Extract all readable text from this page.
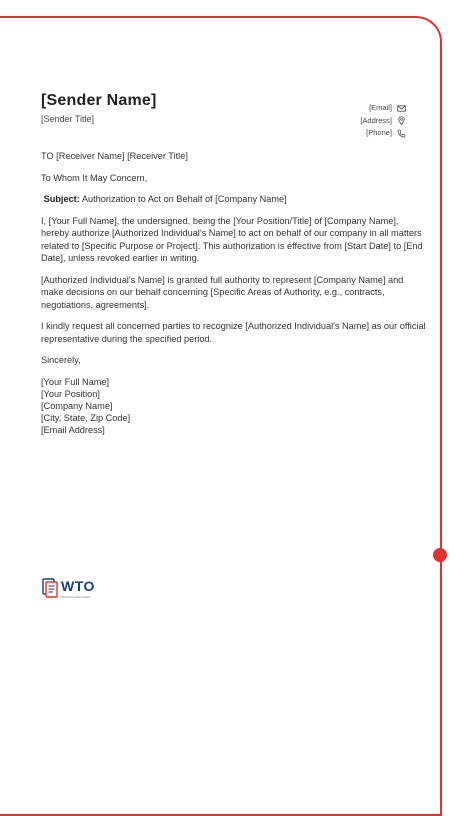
[Sender Name]
[Sender Title]
[Email]
[Address]
[Phone]

TO [Receiver Name] [Receiver Title]

To Whom It May Concern,

Subject: Authorization to Act on Behalf of [Company Name]

I, [Your Full Name], the undersigned, being the [Your Position/Title] of [Company Name], hereby authorize [Authorized Individual's Name] to act on behalf of our company in all matters related to [Specific Purpose or Project]. This authorization is effective from [Start Date] to [End Date], unless revoked earlier in writing.

[Authorized Individual's Name] is granted full authority to represent [Company Name] and make decisions on our behalf concerning [Specific Areas of Authority, e.g., contracts, negotiations, agreements].

I kindly request all concerned parties to recognize [Authorized Individual's Name] as our official representative during the specified period.

Sincerely,

[Your Full Name]
[Your Position]
[Company Name]
[City, State, Zip Code]
[Email Address]
WTO
World Templates Online
